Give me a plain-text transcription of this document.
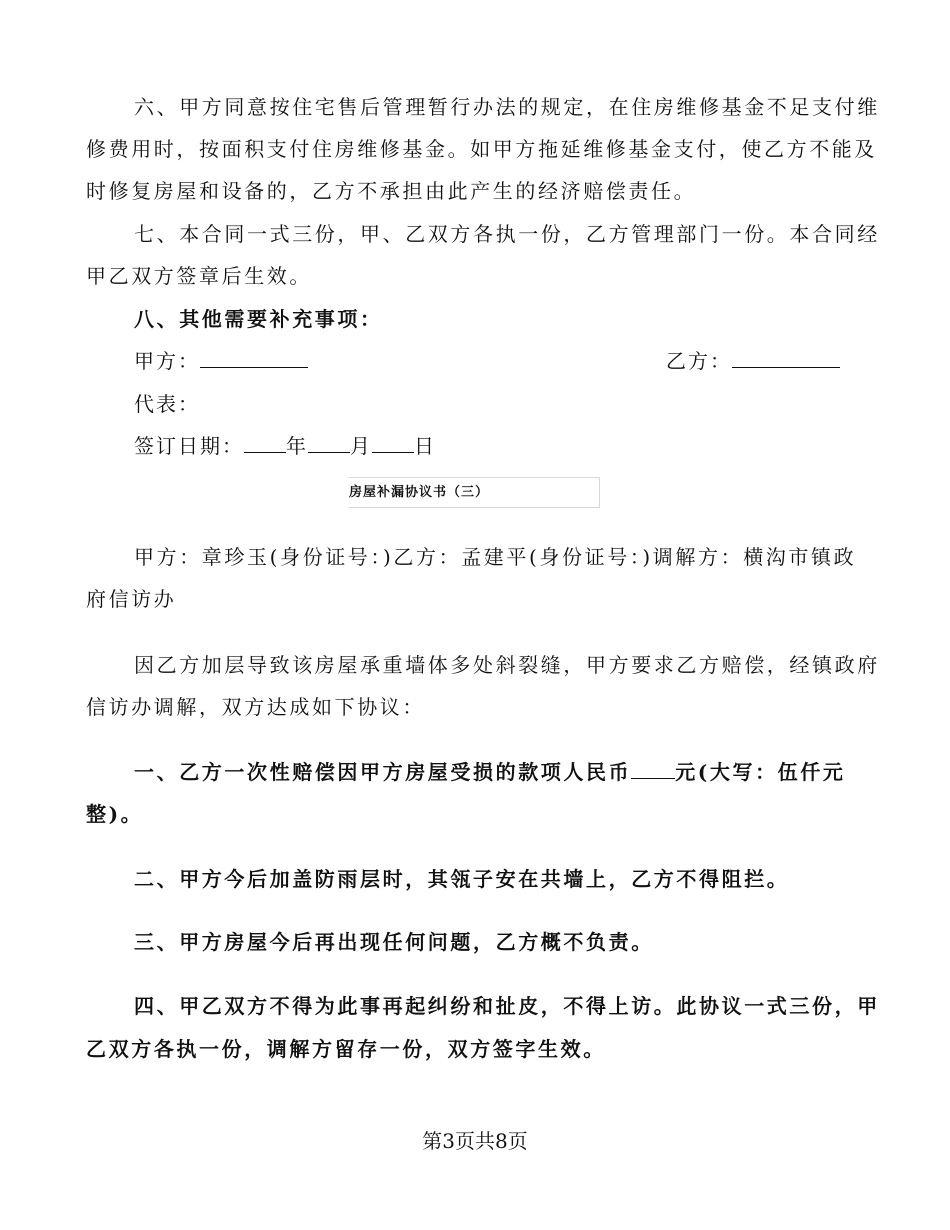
六、甲方同意按住宅售后管理暂行办法的规定，在住房维修基金不足支付维
修费用时，按面积支付住房维修基金。如甲方拖延维修基金支付，使乙方不能及
时修复房屋和设备的，乙方不承担由此产生的经济赔偿责任。
七、本合同一式三份，甲、乙双方各执一份，乙方管理部门一份。本合同经
甲乙双方签章后生效。
八、其他需要补充事项：
甲方：	乙方：
代表：
签订日期： 年 月 日
房屋补漏协议书（三）
甲方：章珍玉(身份证号：)乙方：孟建平(身份证号：)调解方：横沟市镇政
府信访办
因乙方加层导致该房屋承重墙体多处斜裂缝，甲方要求乙方赔偿，经镇政府
信访办调解，双方达成如下协议：
一、乙方一次性赔偿因甲方房屋受损的款项人民币 元(大写：伍仟元
整)。
二、甲方今后加盖防雨层时，其瓴子安在共墙上，乙方不得阻拦。
三、甲方房屋今后再出现任何问题，乙方概不负责。
四、甲乙双方不得为此事再起纠纷和扯皮，不得上访。此协议一式三份，甲
乙双方各执一份，调解方留存一份，双方签字生效。
第3页共8页
